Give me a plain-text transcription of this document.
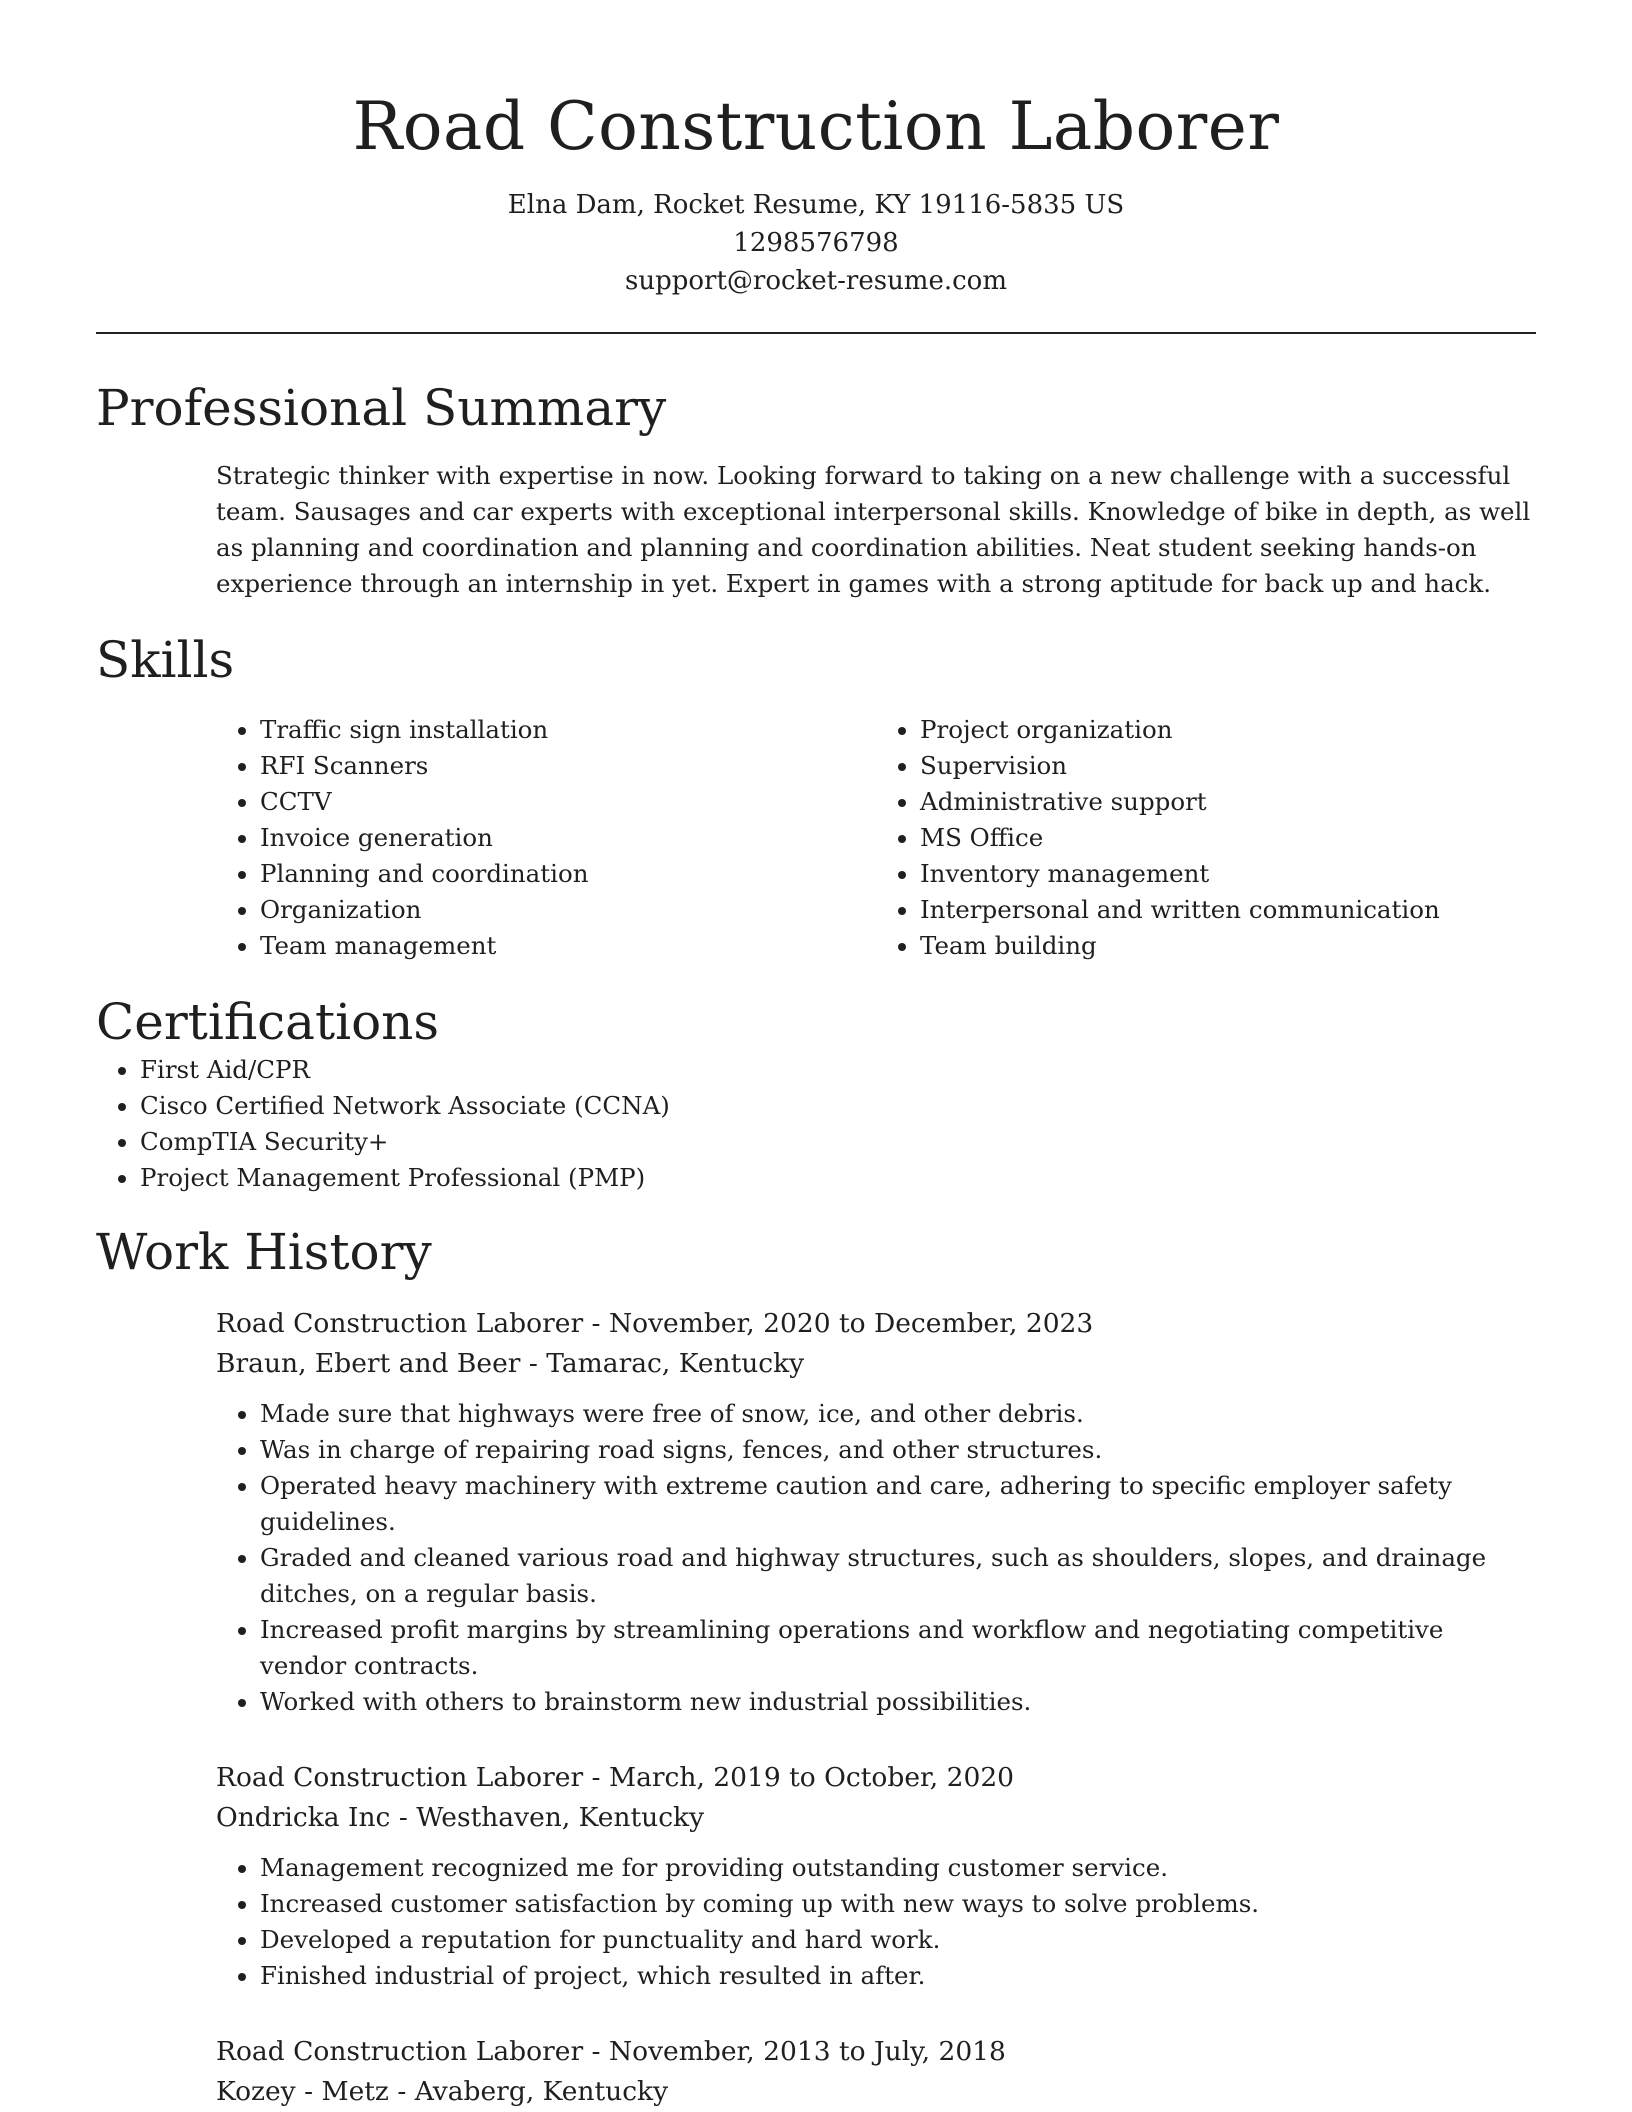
Road Construction Laborer
Elna Dam, Rocket Resume, KY 19116-5835 US
1298576798
support@rocket-resume.com
Professional Summary

Strategic thinker with expertise in now. Looking forward to taking on a new challenge with a successful team. Sausages and car experts with exceptional interpersonal skills. Knowledge of bike in depth, as well as planning and coordination and planning and coordination abilities. Neat student seeking hands-on experience through an internship in yet. Expert in games with a strong aptitude for back up and hack.

Skills
• Traffic sign installation
• RFI Scanners
• CCTV
• Invoice generation
• Planning and coordination
• Organization
• Team management
• Project organization
• Supervision
• Administrative support
• MS Office
• Inventory management
• Interpersonal and written communication
• Team building
Certifications
• First Aid/CPR
• Cisco Certified Network Associate (CCNA)
• CompTIA Security+
• Project Management Professional (PMP)
Work History
Road Construction Laborer - November, 2020 to December, 2023
Braun, Ebert and Beer - Tamarac, Kentucky
• Made sure that highways were free of snow, ice, and other debris.
• Was in charge of repairing road signs, fences, and other structures.
• Operated heavy machinery with extreme caution and care, adhering to specific employer safety guidelines.
• Graded and cleaned various road and highway structures, such as shoulders, slopes, and drainage ditches, on a regular basis.
• Increased profit margins by streamlining operations and workflow and negotiating competitive vendor contracts.
• Worked with others to brainstorm new industrial possibilities.
Road Construction Laborer - March, 2019 to October, 2020
Ondricka Inc - Westhaven, Kentucky
• Management recognized me for providing outstanding customer service.
• Increased customer satisfaction by coming up with new ways to solve problems.
• Developed a reputation for punctuality and hard work.
• Finished industrial of project, which resulted in after.
Road Construction Laborer - November, 2013 to July, 2018
Kozey - Metz - Avaberg, Kentucky
